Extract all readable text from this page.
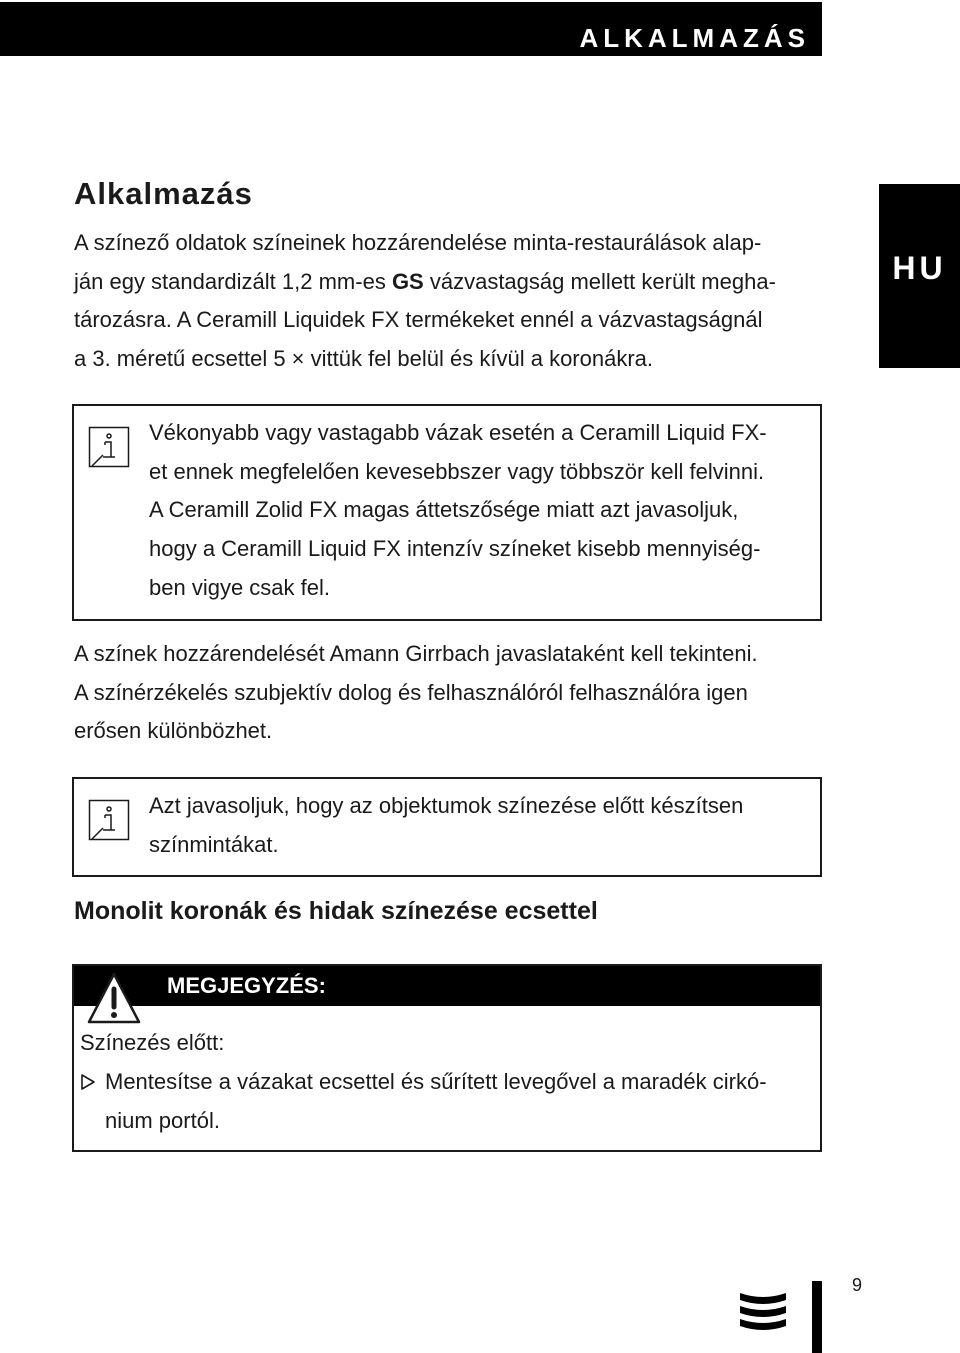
ALKALMAZÁS
HU
Alkalmazás
A színező oldatok színeinek hozzárendelése minta-restaurálások alap-
ján egy standardizált 1,2 mm-es GS vázvastagság mellett került megha-
tározásra. A Ceramill Liquidek FX termékeket ennél a vázvastagságnál
a 3. méretű ecsettel 5 × vittük fel belül és kívül a koronákra.
Vékonyabb vagy vastagabb vázak esetén a Ceramill Liquid FX-
et ennek megfelelően kevesebbszer vagy többször kell felvinni.
A Ceramill Zolid FX magas áttetszősége miatt azt javasoljuk,
hogy a Ceramill Liquid FX intenzív színeket kisebb mennyiség-
ben vigye csak fel.
A színek hozzárendelését Amann Girrbach javaslataként kell tekinteni.
A színérzékelés szubjektív dolog és felhasználóról felhasználóra igen
erősen különbözhet.
Azt javasoljuk, hogy az objektumok színezése előtt készítsen
színmintákat.
Monolit koronák és hidak színezése ecsettel
MEGJEGYZÉS:
Színezés előtt:
Mentesítse a vázakat ecsettel és sűrített levegővel a maradék cirkó-
nium portól.
9
